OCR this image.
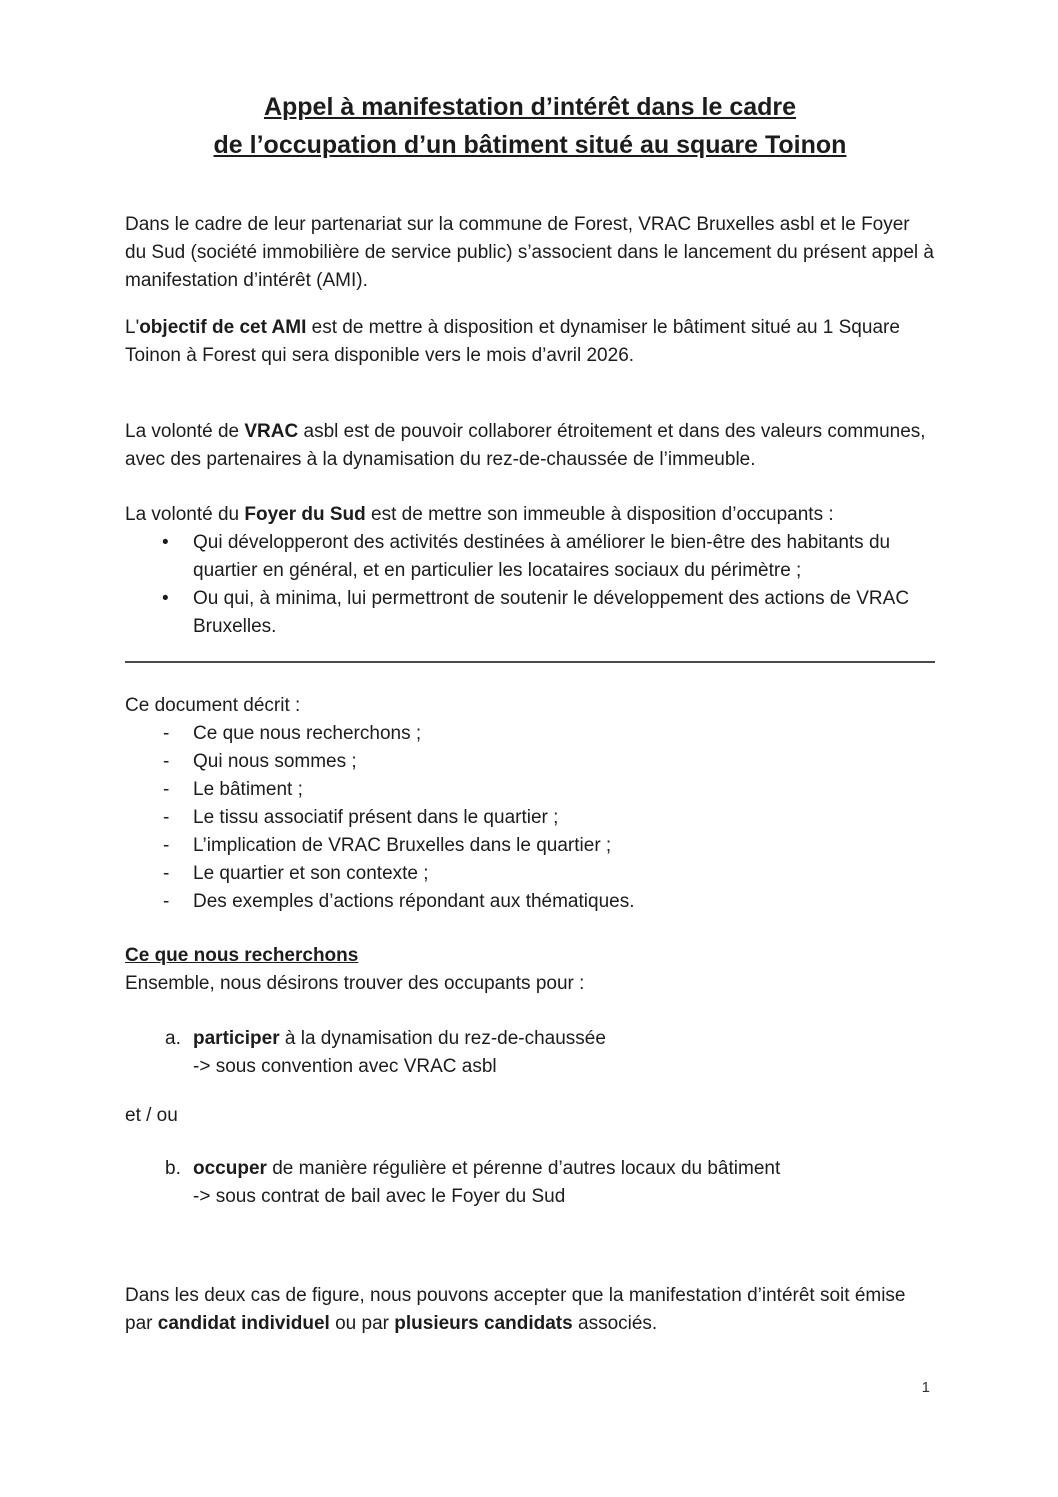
Appel à manifestation d’intérêt dans le cadre
de l’occupation d’un bâtiment situé au square Toinon

Dans le cadre de leur partenariat sur la commune de Forest, VRAC Bruxelles asbl et le Foyer du Sud (société immobilière de service public) s’associent dans le lancement du présent appel à manifestation d’intérêt (AMI).

L'objectif de cet AMI est de mettre à disposition et dynamiser le bâtiment situé au 1 Square Toinon à Forest qui sera disponible vers le mois d’avril 2026.

La volonté de VRAC asbl est de pouvoir collaborer étroitement et dans des valeurs communes, avec des partenaires à la dynamisation du rez-de-chaussée de l’immeuble.

La volonté du Foyer du Sud est de mettre son immeuble à disposition d’occupants :

• Qui développeront des activités destinées à améliorer le bien-être des habitants du quartier en général, et en particulier les locataires sociaux du périmètre ;
• Ou qui, à minima, lui permettront de soutenir le développement des actions de VRAC Bruxelles.

Ce document décrit :

- Ce que nous recherchons ;
- Qui nous sommes ;
- Le bâtiment ;
- Le tissu associatif présent dans le quartier ;
- L’implication de VRAC Bruxelles dans le quartier ;
- Le quartier et son contexte ;
- Des exemples d’actions répondant aux thématiques.
Ce que nous recherchons

Ensemble, nous désirons trouver des occupants pour :

a. participer à la dynamisation du rez-de-chaussée
-> sous convention avec VRAC asbl

et / ou

b. occuper de manière régulière et pérenne d’autres locaux du bâtiment
-> sous contrat de bail avec le Foyer du Sud

Dans les deux cas de figure, nous pouvons accepter que la manifestation d’intérêt soit émise par candidat individuel ou par plusieurs candidats associés.

1
